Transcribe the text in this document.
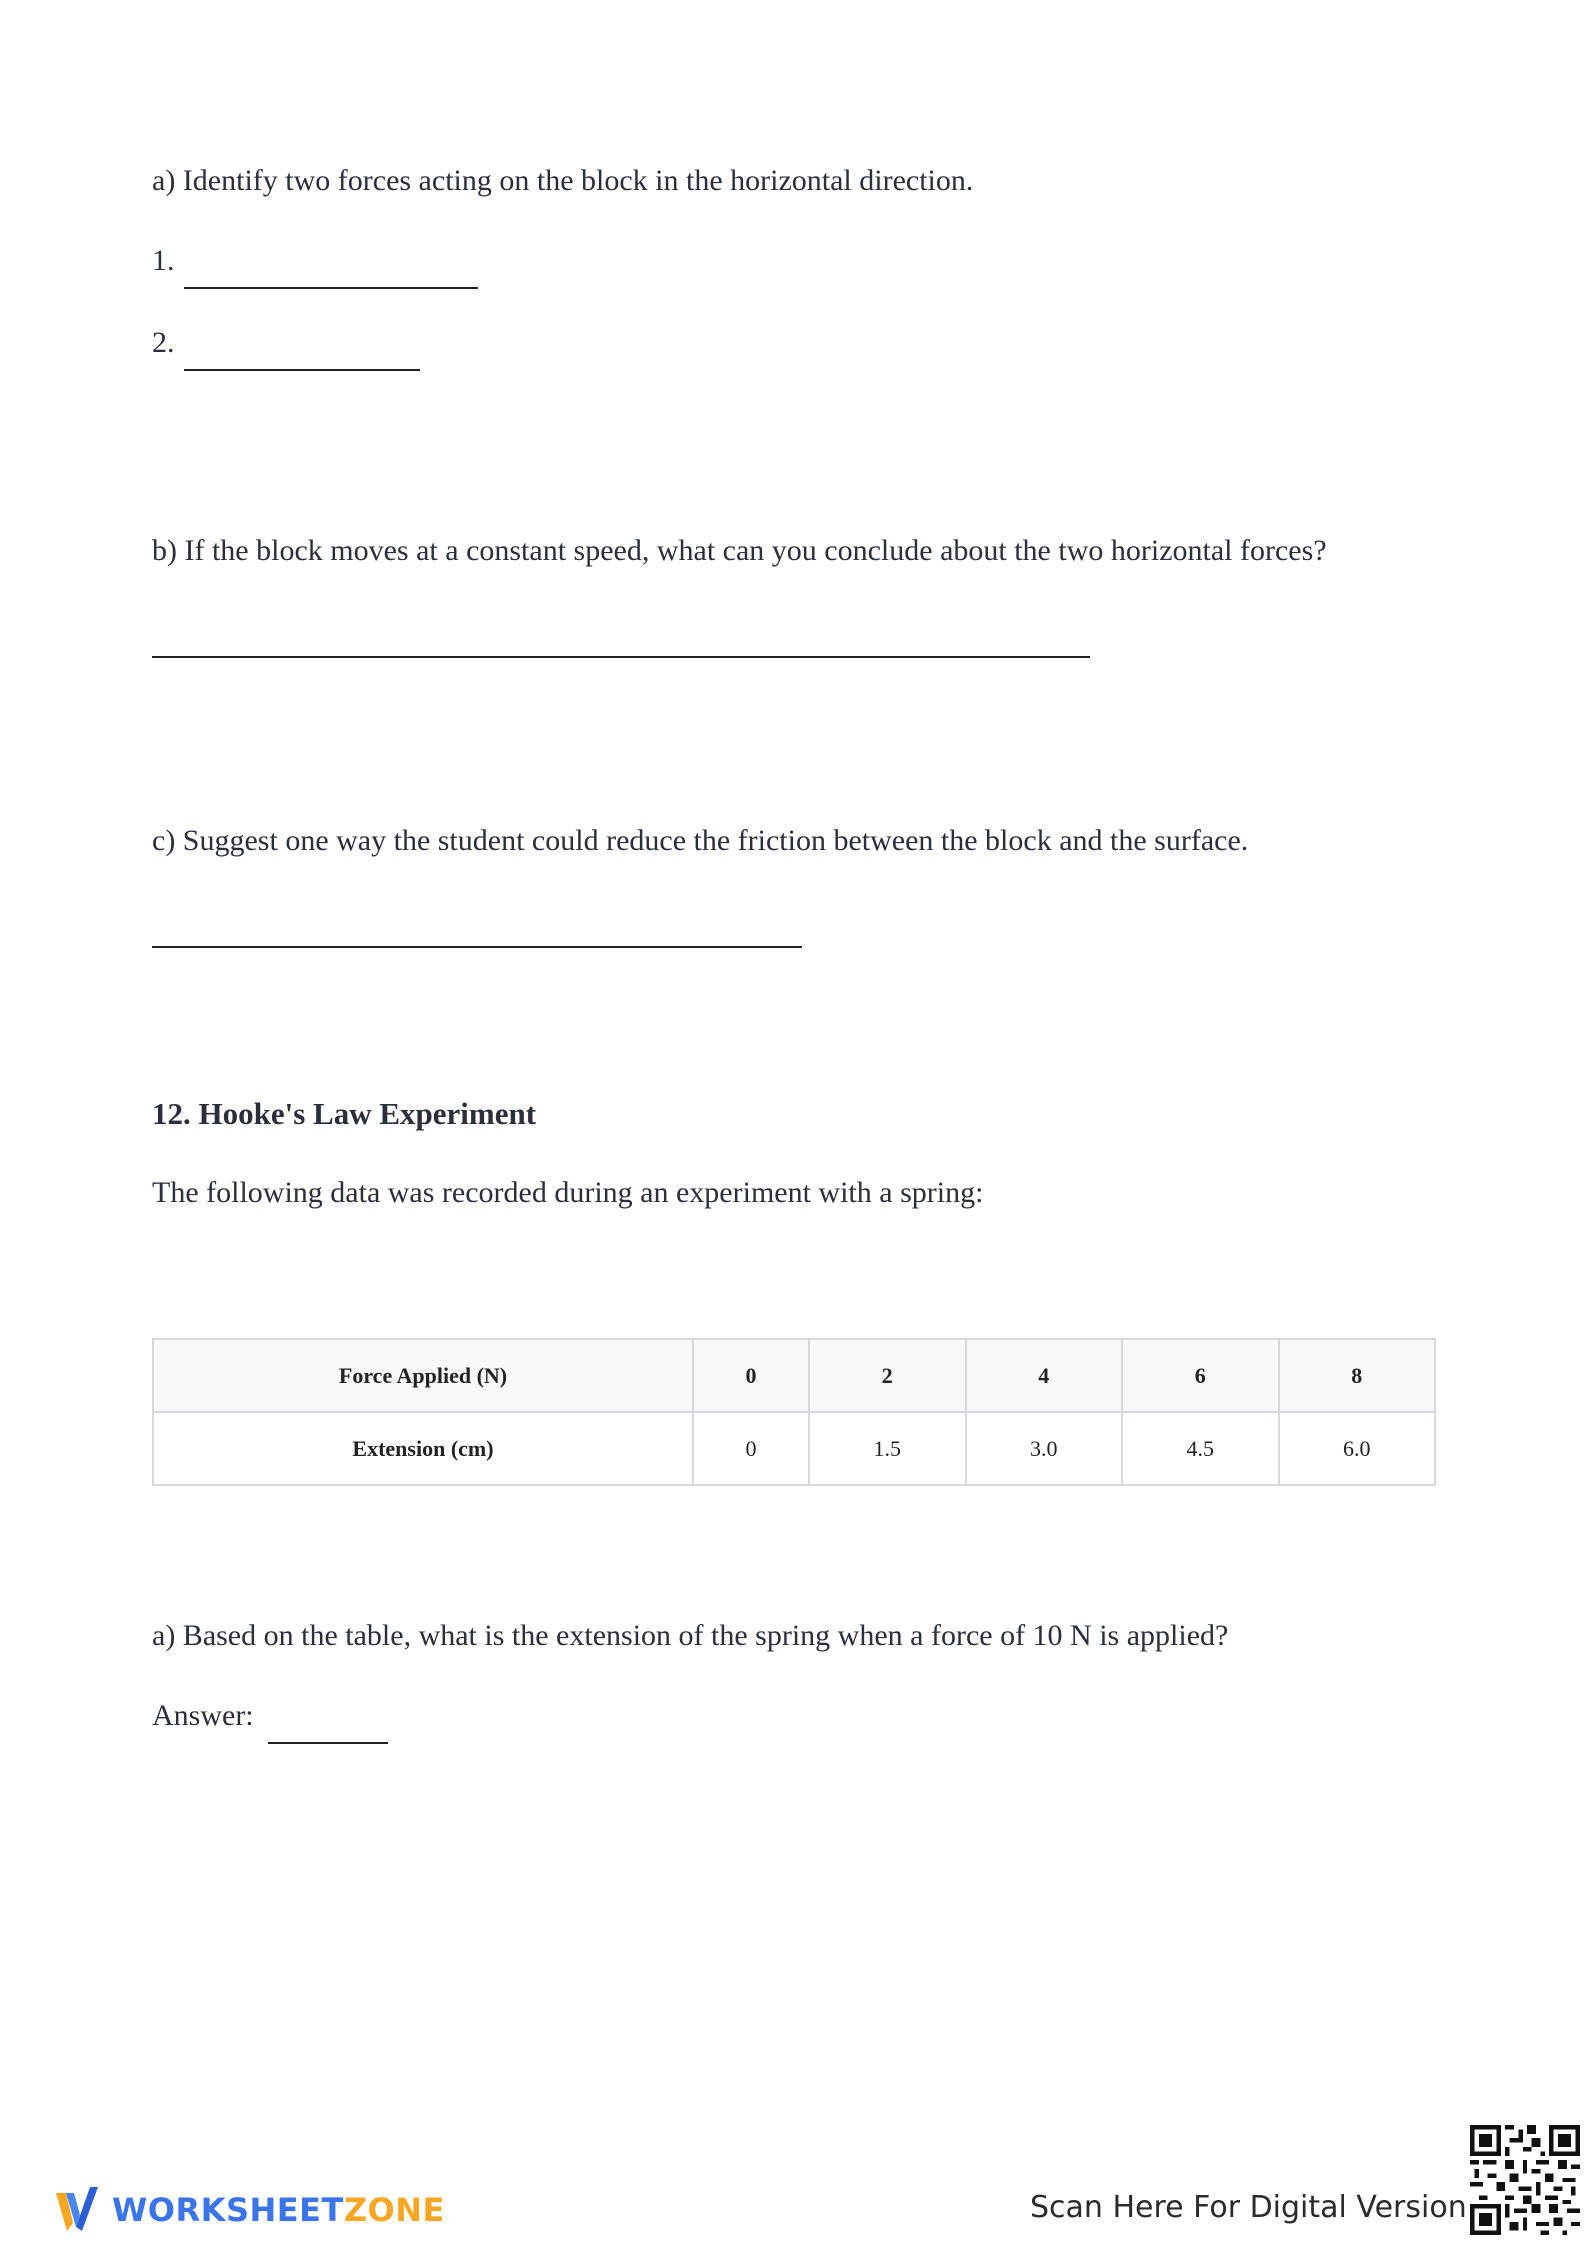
a) Identify two forces acting on the block in the horizontal direction.
1.
2.
b) If the block moves at a constant speed, what can you conclude about the two horizontal forces?
c) Suggest one way the student could reduce the friction between the block and the surface.
12. Hooke's Law Experiment
The following data was recorded during an experiment with a spring:
Force Applied (N)	0	2	4	6	8
Extension (cm)	0	1.5	3.0	4.5	6.0
a) Based on the table, what is the extension of the spring when a force of 10 N is applied?
Answer:
WORKSHEET ZONE	Scan Here For Digital Version
